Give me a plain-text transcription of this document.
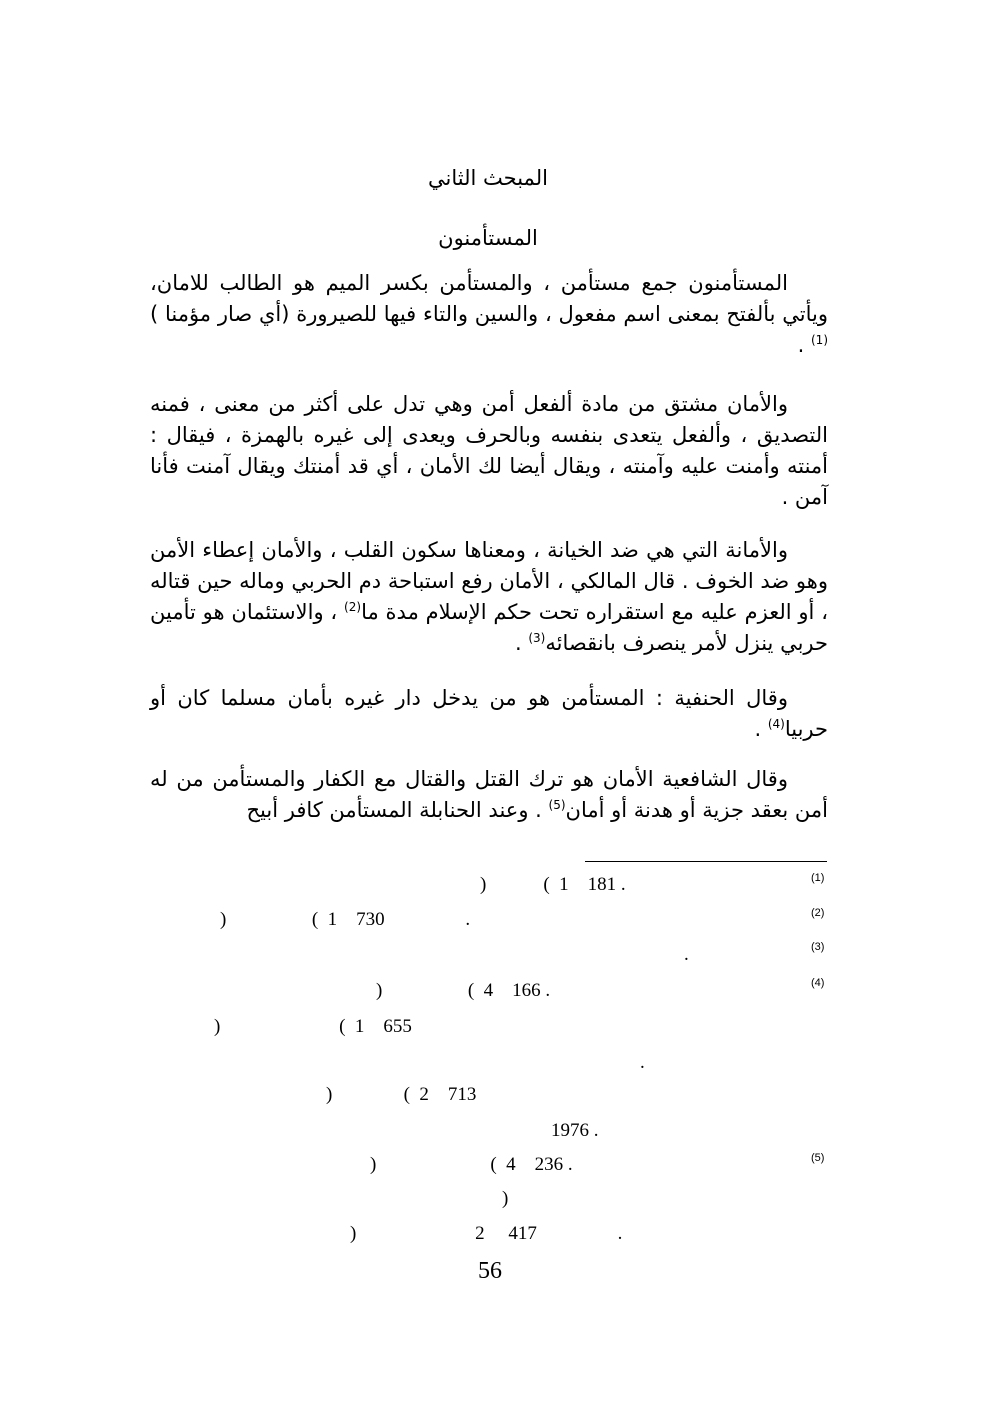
المبحث الثاني
المستأمنون
المستأمنون جمع مستأمن ، والمستأمن بكسر الميم هو الطالب للامان، ويأتي بألفتح بمعنى اسم مفعول ، والسين والتاء فيها للصيرورة (أي صار مؤمنا )$^{(1)}$ .
والأمان مشتق من مادة ألفعل أمن وهي تدل على أكثر من معنى ، فمنه التصديق ، وألفعل يتعدى بنفسه وبالحرف ويعدى إلى غيره بالهمزة ، فيقال : أمنته وأمنت عليه وآمنته ، ويقال أيضا لك الأمان ، أي قد أمنتك ويقال آمنت فأنا آمن .
والأمانة التي هي ضد الخيانة ، ومعناها سكون القلب ، والأمان إعطاء الأمن وهو ضد الخوف . قال المالكي ، الأمان رفع استباحة دم الحربي وماله حين قتاله ، أو العزم عليه مع استقراره تحت حكم الإسلام مدة ما$^{(2)}$ ، والاستئمان هو تأمين حربي ينزل لأمر ينصرف بانقصائه$^{(3)}$ .
وقال الحنفية : المستأمن هو من يدخل دار غيره بأمان مسلما كان أو حربيا$^{(4)}$ .
وقال الشافعية الأمان هو ترك القتل والقتال مع الكفار والمستأمن من له أمن بعقد جزية أو هدنة أو أمان$^{(5)}$ . وعند الحنابلة المستأمن كافر أبيح
(1)
)            (  1    181 .
(2)
)                  (  1    730                 .
(3)
.
(4)
)                  (  4    166 .
)                         (  1    655
.
)               (  2    713
1976 .
(5)
)                        (  4    236 .
)
)                         2     417                 .
56
